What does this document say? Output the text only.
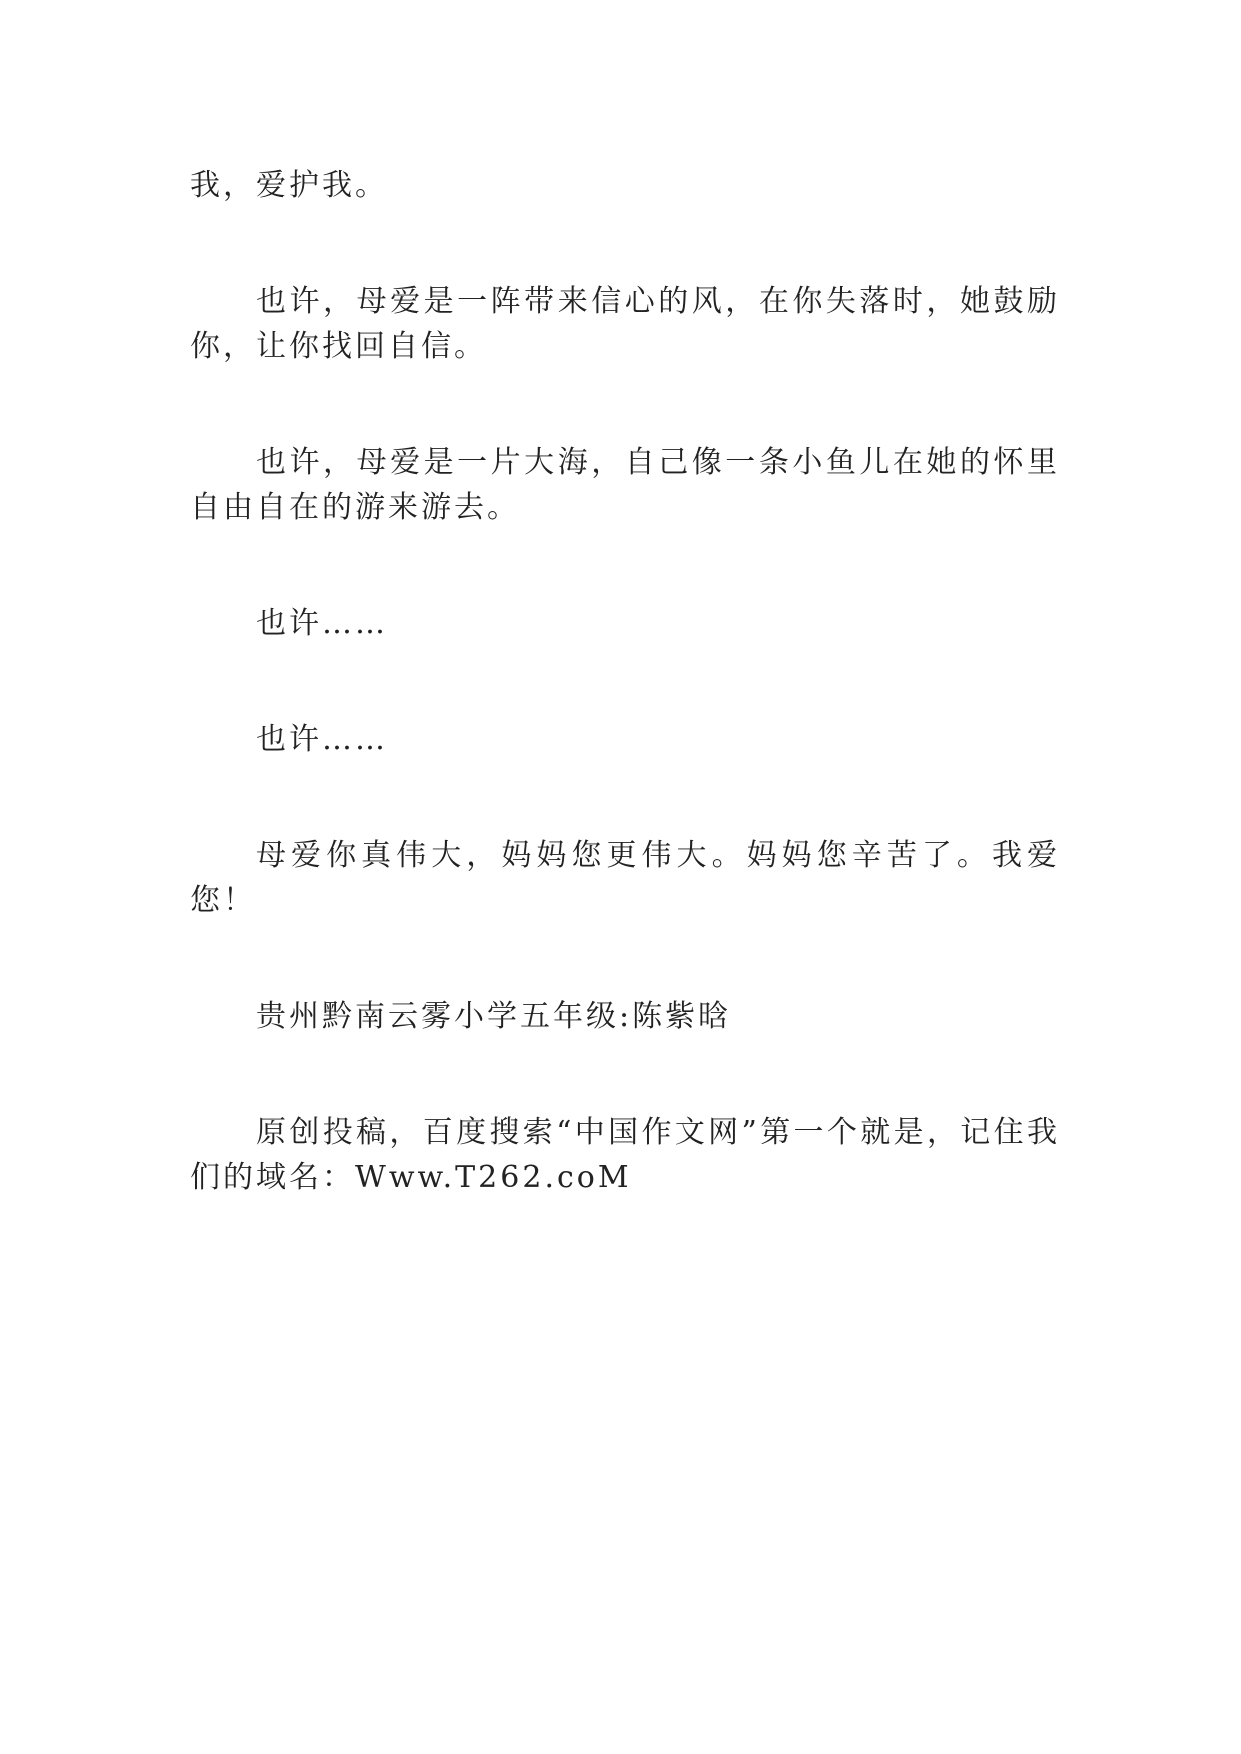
我，爱护我。

也许，母爱是一阵带来信心的风，在你失落时，她鼓励你，让你找回自信。

也许，母爱是一片大海，自己像一条小鱼儿在她的怀里自由自在的游来游去。

也许……

也许……

母爱你真伟大，妈妈您更伟大。妈妈您辛苦了。我爱您！

贵州黔南云雾小学五年级:陈紫晗

原创投稿，百度搜索“中国作文网”第一个就是，记住我们的域名：Www.T262.coM
